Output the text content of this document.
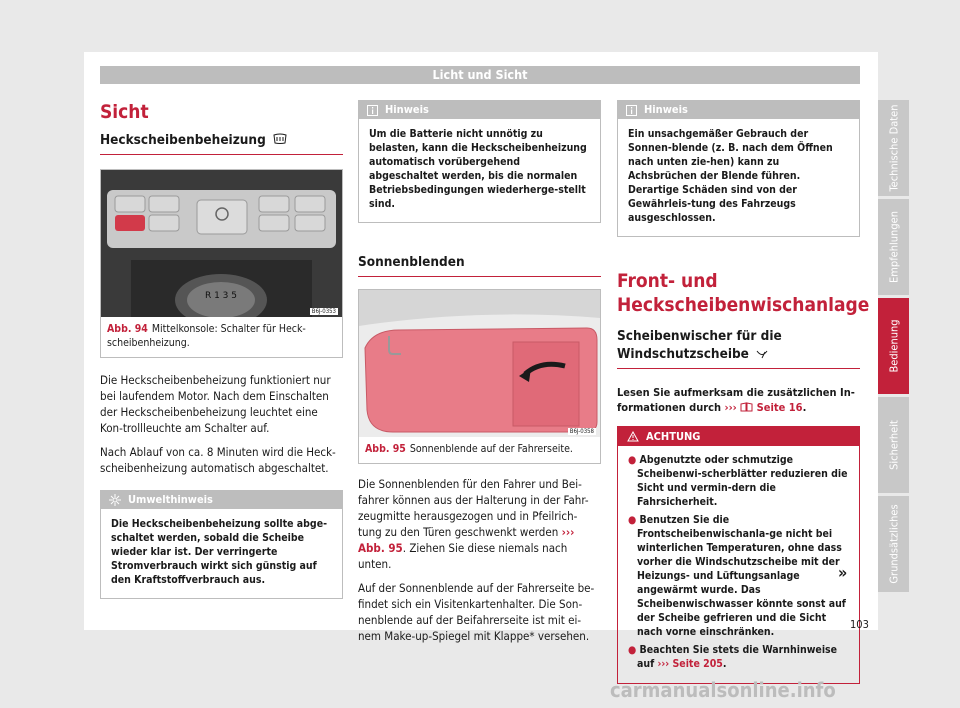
Licht und Sicht
Sicht
Heckscheibenbeheizung
R 1 3 5
B6J-0353
Abb. 94 Mittelkonsole: Schalter für Heck-scheibenheizung.

Die Heckscheibenbeheizung funktioniert nur bei laufendem Motor. Nach dem Einschalten der Heckscheibenbeheizung leuchtet eine Kon-trollleuchte am Schalter auf.

Nach Ablauf von ca. 8 Minuten wird die Heck-scheibenheizung automatisch abgeschaltet.

Umwelthinweis
Die Heckscheibenbeheizung sollte abge-schaltet werden, sobald die Scheibe wieder klar ist. Der verringerte Stromverbrauch wirkt sich günstig auf den Kraftstoffverbrauch aus.
Hinweis
Um die Batterie nicht unnötig zu belasten, kann die Heckscheibenheizung automatisch vorübergehend abgeschaltet werden, bis die normalen Betriebsbedingungen wiederherge-stellt sind.
Sonnenblenden
B6J-0358
Abb. 95 Sonnenblende auf der Fahrerseite.

Die Sonnenblenden für den Fahrer und Bei-fahrer können aus der Halterung in der Fahr-zeugmitte herausgezogen und in Pfeilrich-tung zu den Türen geschwenkt werden ››› Abb. 95. Ziehen Sie diese niemals nach unten.

Auf der Sonnenblende auf der Fahrerseite be-findet sich ein Visitenkartenhalter. Die Son-nenblende auf der Beifahrerseite ist mit ei-nem Make-up-Spiegel mit Klappe* versehen.

Hinweis
Ein unsachgemäßer Gebrauch der Sonnen-blende (z. B. nach dem Öffnen nach unten zie-hen) kann zu Achsbrüchen der Blende führen. Derartige Schäden sind von der Gewährleis-tung des Fahrzeugs ausgeschlossen.
Front- und Heckscheibenwischanlage
Scheibenwischer für die Windschutzscheibe

Lesen Sie aufmerksam die zusätzlichen In-formationen durch ››› Seite 16.

ACHTUNG
● Abgenutzte oder schmutzige Scheibenwi-scherblätter reduzieren die Sicht und vermin-dern die Fahrsicherheit.
● Benutzen Sie die Frontscheibenwischanla-ge nicht bei winterlichen Temperaturen, ohne dass vorher die Windschutzscheibe mit der Heizungs- und Lüftungsanlage angewärmt wurde. Das Scheibenwischwasser könnte sonst auf der Scheibe gefrieren und die Sicht nach vorne einschränken.
● Beachten Sie stets die Warnhinweise auf ››› Seite 205.
»
Technische Daten
Empfehlungen
Bedienung
Sicherheit
Grundsätzliches
103
carmanualsonline.info
